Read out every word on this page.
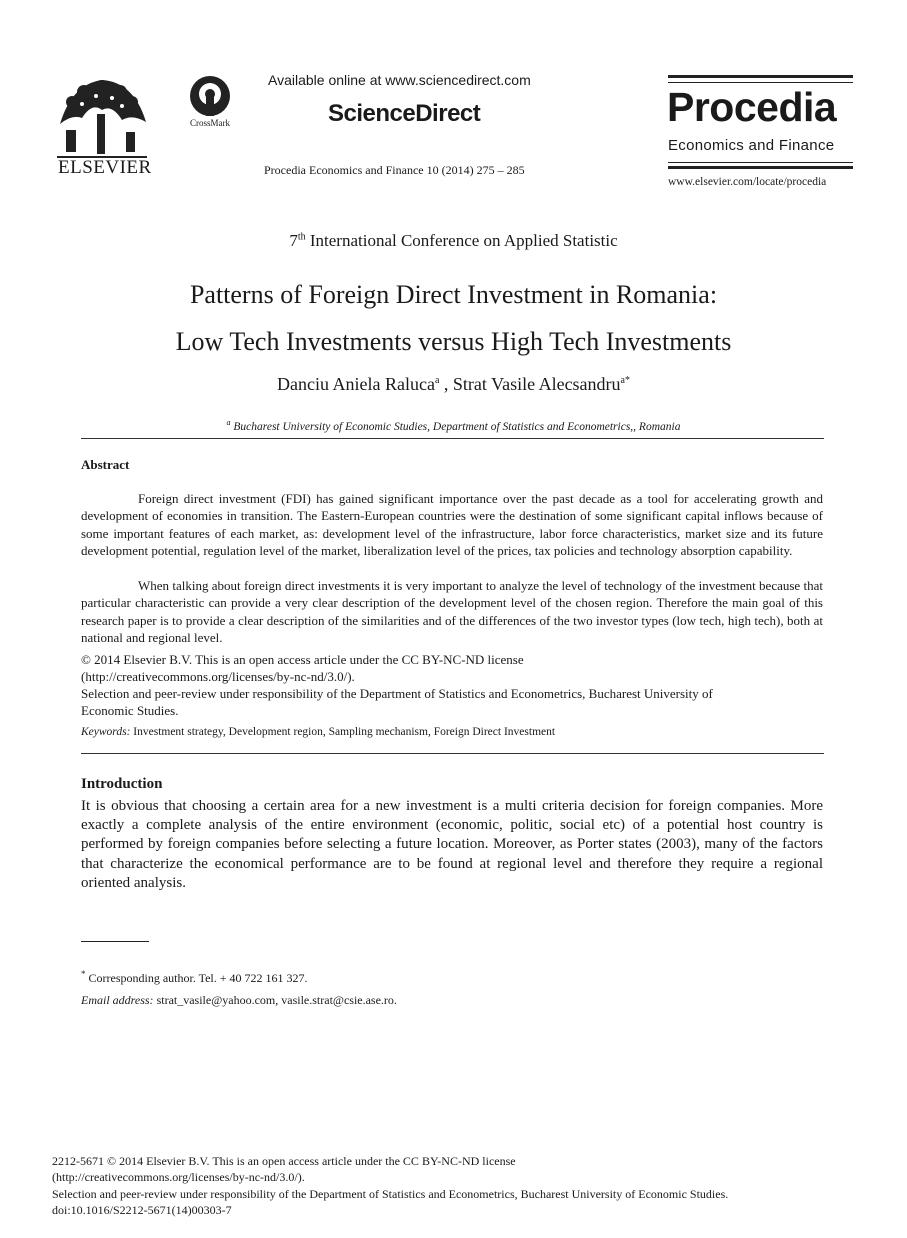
ELSEVIER
CrossMark
Available online at www.sciencedirect.com
ScienceDirect
Procedia Economics and Finance 10 (2014) 275 – 285
Procedia
Economics and Finance
www.elsevier.com/locate/procedia
7th International Conference on Applied Statistic
Patterns of Foreign Direct Investment in Romania:
Low Tech Investments versus High Tech Investments
Danciu Aniela Raluca$^a$ , Strat Vasile Alecsandru$^{a*}$
$^a$ Bucharest University of Economic Studies, Department of Statistics and Econometrics,, Romania
Abstract
Foreign direct investment (FDI) has gained significant importance over the past decade as a tool for accelerating growth and development of economies in transition. The Eastern-European countries were the destination of some significant capital inflows because of some important features of each market, as: development level of the infrastructure, labor force characteristics, market size and its future development potential, regulation level of the market, liberalization level of the prices, tax policies and technology absorption capability.
When talking about foreign direct investments it is very important to analyze the level of technology of the investment because that particular characteristic can provide a very clear description of the development level of the chosen region. Therefore the main goal of this research paper is to provide a clear description of the similarities and of the differences of the two investor types (low tech, high tech), both at national and regional level.
© 2014 Elsevier B.V. This is an open access article under the CC BY-NC-ND license
(http://creativecommons.org/licenses/by-nc-nd/3.0/).
Selection and peer-review under responsibility of the Department of Statistics and Econometrics, Bucharest University of
Economic Studies.
Keywords: Investment strategy, Development region, Sampling mechanism, Foreign Direct Investment
Introduction
It is obvious that choosing a certain area for a new investment is a multi criteria decision for foreign companies. More exactly a complete analysis of the entire environment (economic, politic, social etc) of a potential host country is performed by foreign companies before selecting a future location. Moreover, as Porter states (2003), many of the factors that characterize the economical performance are to be found at regional level and therefore they require a regional oriented analysis.
* Corresponding author. Tel. + 40 722 161 327.
Email address: strat_vasile@yahoo.com, vasile.strat@csie.ase.ro.
2212-5671 © 2014 Elsevier B.V. This is an open access article under the CC BY-NC-ND license
(http://creativecommons.org/licenses/by-nc-nd/3.0/).
Selection and peer-review under responsibility of the Department of Statistics and Econometrics, Bucharest University of Economic Studies.
doi:10.1016/S2212-5671(14)00303-7
